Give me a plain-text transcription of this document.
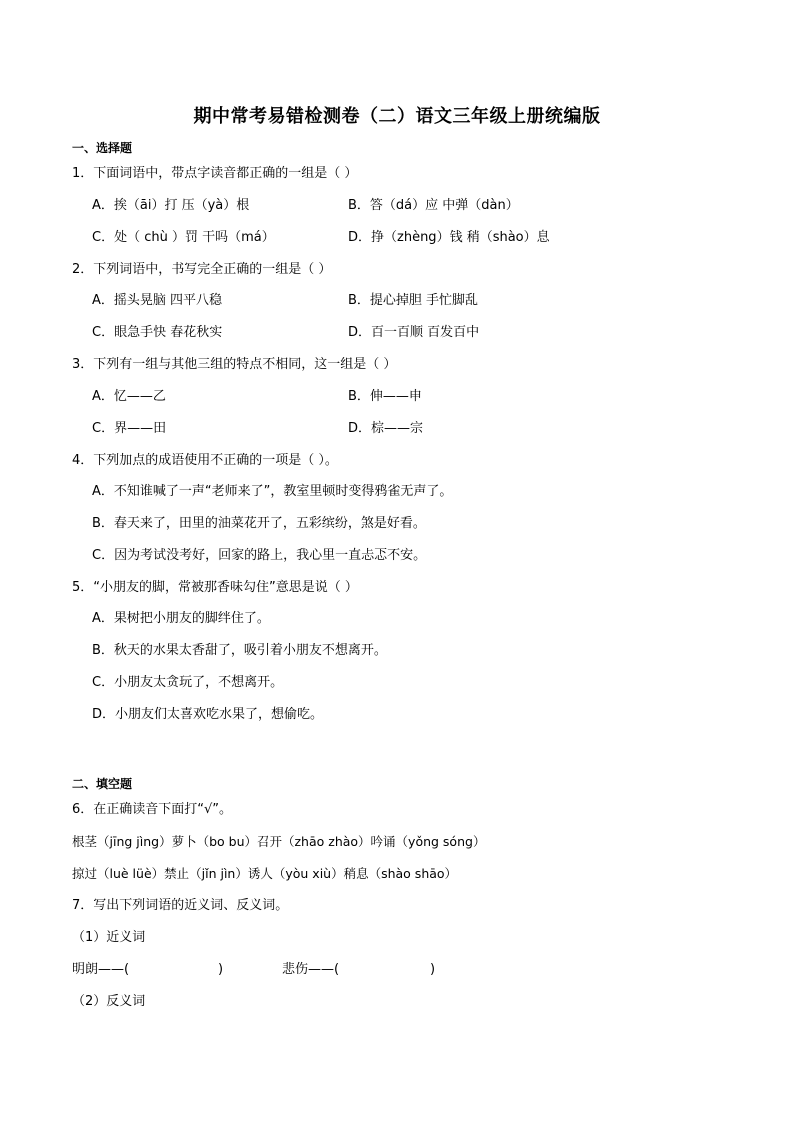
期中常考易错检测卷（二）语文三年级上册统编版
一、选择题
1．下面词语中，带点字读音都正确的一组是（ ）
A．挨（āi）打 压（yà）根	B．答（dá）应 中弹（dàn）
C．处（ chù ）罚 干吗（má）	D．挣（zhèng）钱 稍（shào）息
2．下列词语中，书写完全正确的一组是（ ）
A．摇头晃脑 四平八稳	B．提心掉胆 手忙脚乱
C．眼急手快 春花秋实	D．百一百顺 百发百中
3．下列有一组与其他三组的特点不相同，这一组是（ ）
A．忆——乙	B．伸——申
C．界——田	D．棕——宗
4．下列加点的成语使用不正确的一项是（ ）。
A．不知谁喊了一声“老师来了”，教室里顿时变得鸦雀无声了。
B．春天来了，田里的油菜花开了，五彩缤纷，煞是好看。
C．因为考试没考好，回家的路上，我心里一直忐忑不安。
5．“小朋友的脚，常被那香味勾住”意思是说（ ）
A．果树把小朋友的脚绊住了。
B．秋天的水果太香甜了，吸引着小朋友不想离开。
C．小朋友太贪玩了，不想离开。
D．小朋友们太喜欢吃水果了，想偷吃。
二、填空题
6．在正确读音下面打“√”。
根茎（jīng jìng）萝卜（bo bu）召开（zhāo zhào）吟诵（yǒng sóng）
掠过（luè lüè）禁止（jǐn jìn）诱人（yòu xiù）稍息（shào shāo）
7．写出下列词语的近义词、反义词。
（1）近义词
明朗——(	)	悲伤——(	)
（2）反义词
